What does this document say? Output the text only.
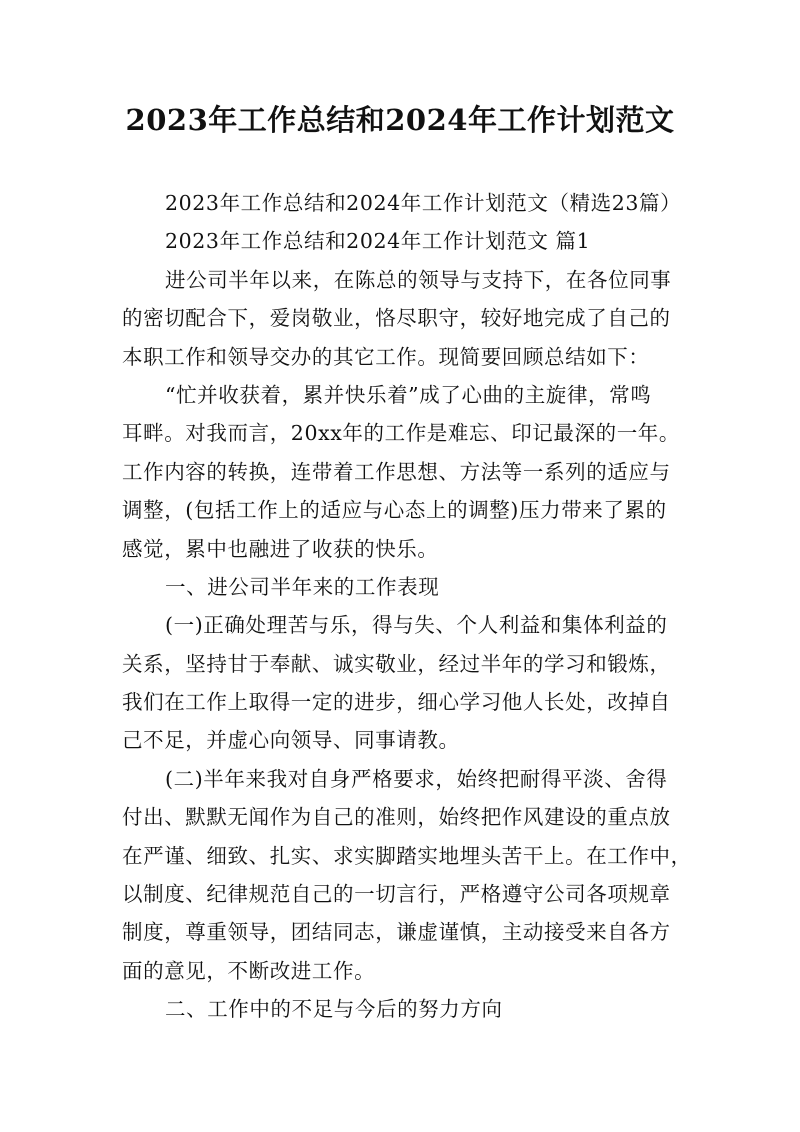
2023年工作总结和2024年工作计划范文
2023年工作总结和2024年工作计划范文（精选23篇）
2023年工作总结和2024年工作计划范文 篇1
进公司半年以来，在陈总的领导与支持下，在各位同事
的密切配合下，爱岗敬业，恪尽职守，较好地完成了自己的
本职工作和领导交办的其它工作。现简要回顾总结如下：
“忙并收获着，累并快乐着”成了心曲的主旋律，常鸣
耳畔。对我而言，20xx年的工作是难忘、印记最深的一年。
工作内容的转换，连带着工作思想、方法等一系列的适应与
调整，(包括工作上的适应与心态上的调整)压力带来了累的
感觉，累中也融进了收获的快乐。
一、进公司半年来的工作表现
(一)正确处理苦与乐，得与失、个人利益和集体利益的
关系，坚持甘于奉献、诚实敬业，经过半年的学习和锻炼，
我们在工作上取得一定的进步，细心学习他人长处，改掉自
己不足，并虚心向领导、同事请教。
(二)半年来我对自身严格要求，始终把耐得平淡、舍得
付出、默默无闻作为自己的准则，始终把作风建设的重点放
在严谨、细致、扎实、求实脚踏实地埋头苦干上。在工作中，
以制度、纪律规范自己的一切言行，严格遵守公司各项规章
制度，尊重领导，团结同志，谦虚谨慎，主动接受来自各方
面的意见，不断改进工作。
二、工作中的不足与今后的努力方向
